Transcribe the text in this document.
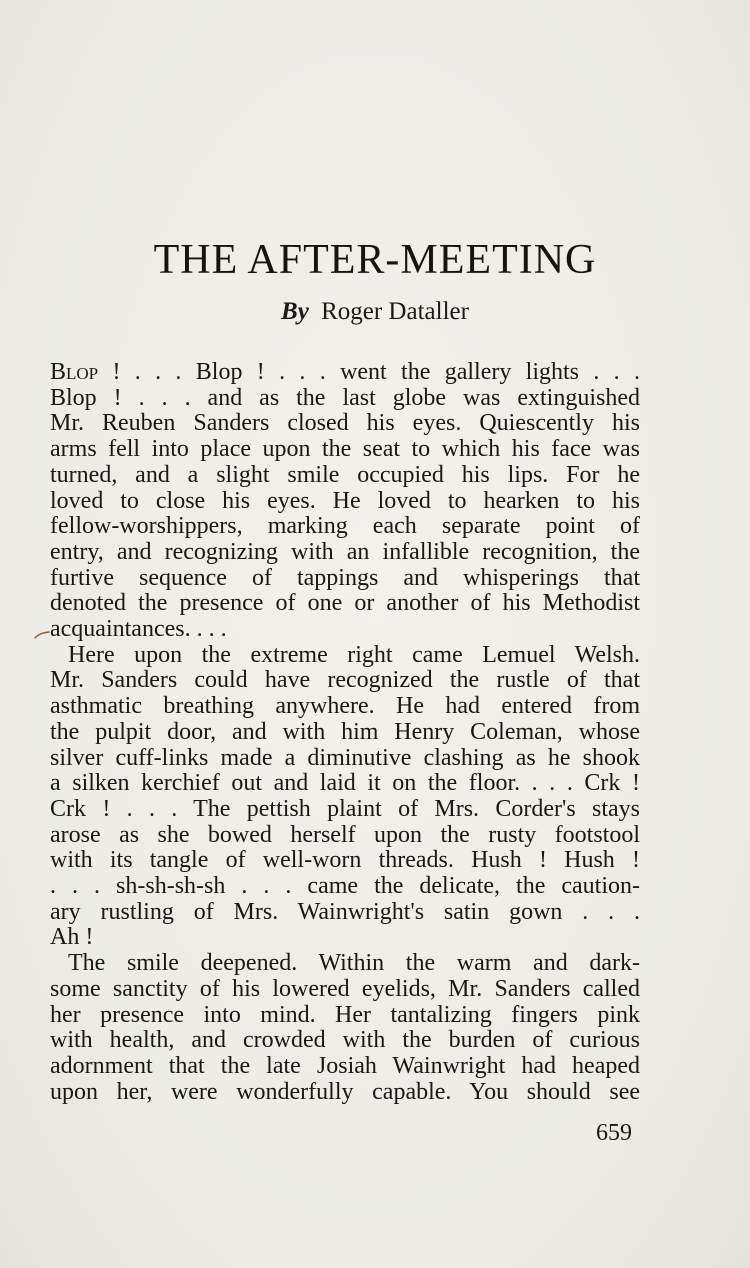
THE AFTER-MEETING
By Roger Dataller

Blop ! . . . Blop ! . . . went the gallery lights . . .
Blop ! . . . and as the last globe was extinguished
Mr. Reuben Sanders closed his eyes. Quiescently his
arms fell into place upon the seat to which his face was
turned, and a slight smile occupied his lips. For he
loved to close his eyes. He loved to hearken to his
fellow-worshippers, marking each separate point of
entry, and recognizing with an infallible recognition, the
furtive sequence of tappings and whisperings that
denoted the presence of one or another of his Methodist
acquaintances. . . .

Here upon the extreme right came Lemuel Welsh.
Mr. Sanders could have recognized the rustle of that
asthmatic breathing anywhere. He had entered from
the pulpit door, and with him Henry Coleman, whose
silver cuff-links made a diminutive clashing as he shook
a silken kerchief out and laid it on the floor. . . . Crk !
Crk ! . . . The pettish plaint of Mrs. Corder's stays
arose as she bowed herself upon the rusty footstool
with its tangle of well-worn threads. Hush ! Hush !
. . . sh-sh-sh-sh . . . came the delicate, the caution-
ary rustling of Mrs. Wainwright's satin gown . . .
Ah !

The smile deepened. Within the warm and dark-
some sanctity of his lowered eyelids, Mr. Sanders called
her presence into mind. Her tantalizing fingers pink
with health, and crowded with the burden of curious
adornment that the late Josiah Wainwright had heaped
upon her, were wonderfully capable. You should see

659
